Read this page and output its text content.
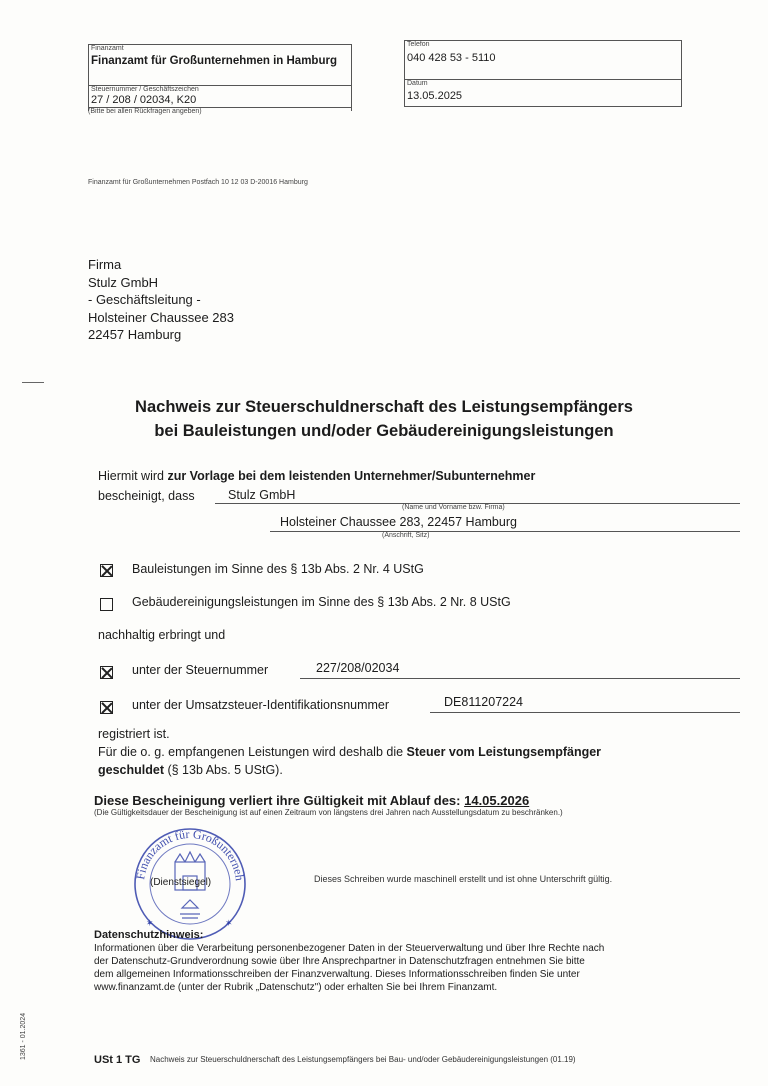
Finanzamt
Finanzamt für Großunternehmen in Hamburg
Steuernummer / Geschäftszeichen
27 / 208 / 02034, K20
(Bitte bei allen Rückfragen angeben)
Telefon
040 428 53 - 5110
Datum
13.05.2025
Finanzamt für Großunternehmen Postfach 10 12 03 D-20016 Hamburg
Firma
Stulz GmbH
- Geschäftsleitung -
Holsteiner Chaussee 283
22457 Hamburg
Nachweis zur Steuerschuldnerschaft des Leistungsempfängers
bei Bauleistungen und/oder Gebäudereinigungsleistungen
Hiermit wird zur Vorlage bei dem leistenden Unternehmer/Subunternehmer
bescheinigt, dass	Stulz GmbH
(Name und Vorname bzw. Firma)
Holsteiner Chaussee 283, 22457 Hamburg
(Anschrift, Sitz)
Bauleistungen im Sinne des § 13b Abs. 2 Nr. 4 UStG
Gebäudereinigungsleistungen im Sinne des § 13b Abs. 2 Nr. 8 UStG
nachhaltig erbringt und
unter der Steuernummer	227/208/02034
unter der Umsatzsteuer-Identifikationsnummer	DE811207224
registriert ist.
Für die o. g. empfangenen Leistungen wird deshalb die Steuer vom Leistungsempfänger
geschuldet (§ 13b Abs. 5 UStG).
Diese Bescheinigung verliert ihre Gültigkeit mit Ablauf des: 14.05.2026
(Die Gültigkeitsdauer der Bescheinigung ist auf einen Zeitraum von längstens drei Jahren nach Ausstellungsdatum zu beschränken.)
Finanzamt für Großunterneh
✶	✶
(Dienstsiegel)	Dieses Schreiben wurde maschinell erstellt und ist ohne Unterschrift gültig.
Datenschutzhinweis:
Informationen über die Verarbeitung personenbezogener Daten in der Steuerverwaltung und über Ihre Rechte nach
der Datenschutz-Grundverordnung sowie über Ihre Ansprechpartner in Datenschutzfragen entnehmen Sie bitte
dem allgemeinen Informationsschreiben der Finanzverwaltung. Dieses Informationsschreiben finden Sie unter
www.finanzamt.de (unter der Rubrik „Datenschutz") oder erhalten Sie bei Ihrem Finanzamt.
1361 - 01.2024	USt 1 TG Nachweis zur Steuerschuldnerschaft des Leistungsempfängers bei Bau- und/oder Gebäudereinigungsleistungen (01.19)
